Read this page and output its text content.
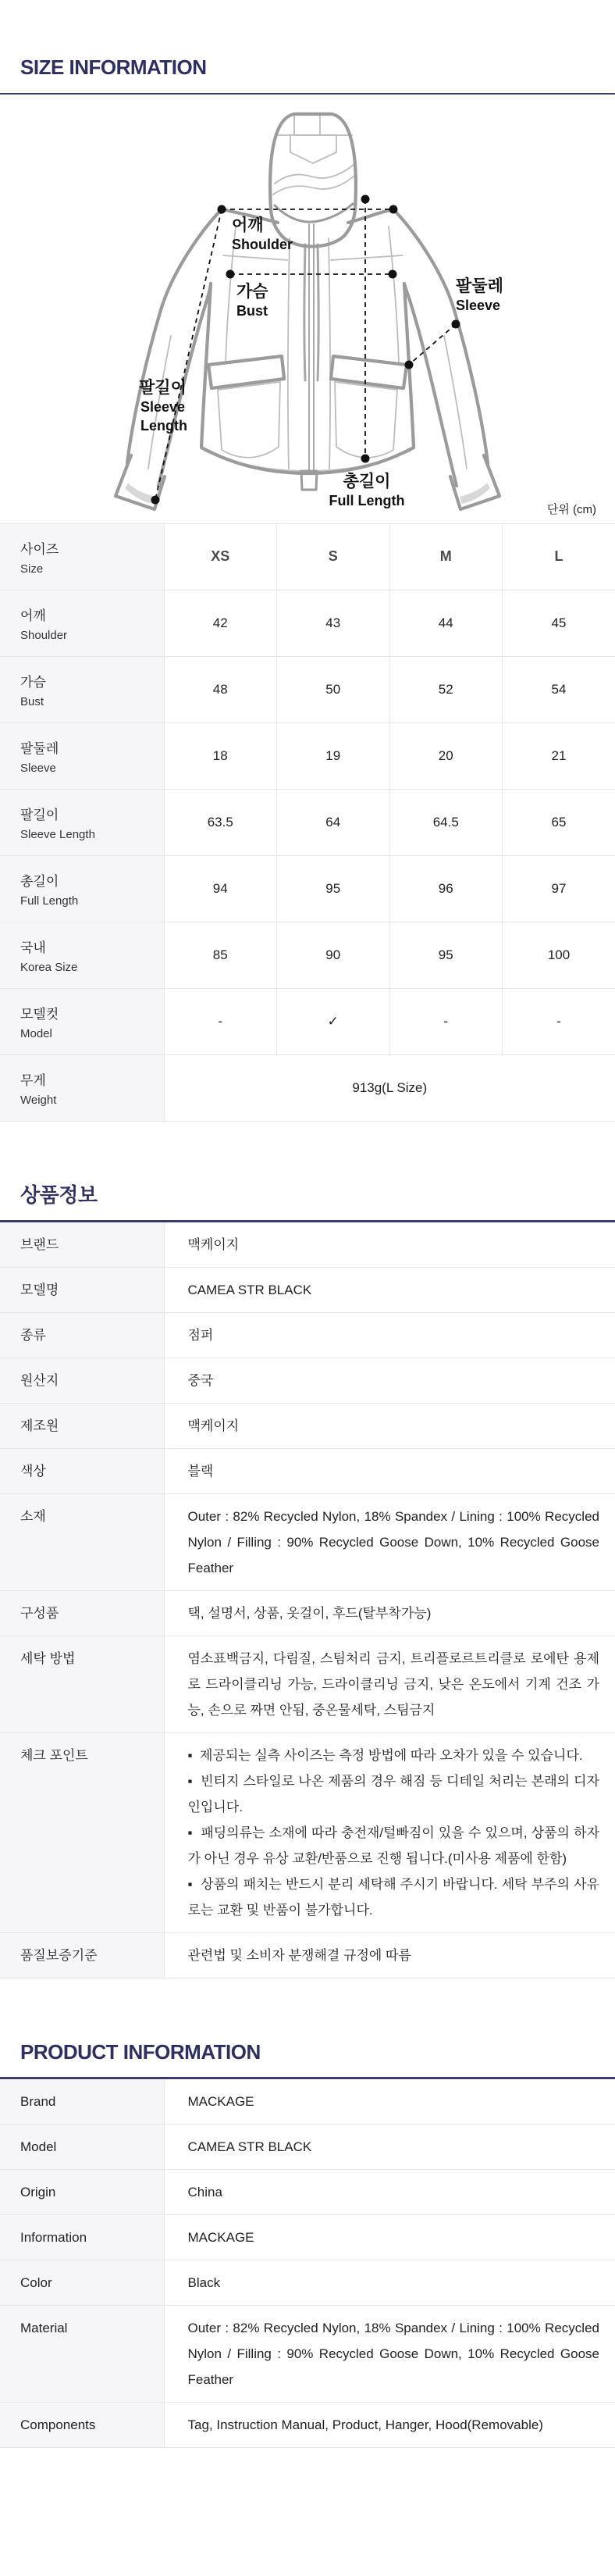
SIZE INFORMATION
어깨
Shoulder
가슴
Bust
팔둘레
Sleeve
팔길이
Sleeve
Length
총길이
Full Length
단위 (cm)
사이즈
Size	XS	S	M	L

어깨
Shoulder	42	43	44	45

가슴
Bust	48	50	52	54

팔둘레
Sleeve	18	19	20	21

팔길이
Sleeve Length	63.5	64	64.5	65

총길이
Full Length	94	95	96	97

국내
Korea Size	85	90	95	100

모델컷
Model	-	✓	-	-

무게
Weight	913g(L Size)			
상품정보
브랜드	맥케이지
모델명	CAMEA STR BLACK
종류	점퍼
원산지	중국
제조원	맥케이지
색상	블랙
소재	Outer : 82% Recycled Nylon, 18% Spandex / Lining : 100% Recycled Nylon / Filling : 90% Recycled Goose Down, 10% Recycled Goose Feather
구성품	택, 설명서, 상품, 옷걸이, 후드(탈부착가능)
세탁 방법	염소표백금지, 다림질, 스팀처리 금지, 트리플로르트리클로 로에탄 용제로 드라이클리닝 가능, 드라이클리닝 금지, 낮은 온도에서 기계 건조 가능, 손으로 짜면 안됨, 중온물세탁, 스팀금지
체크 포인트	▪  제공되는 실측 사이즈는 측정 방법에 따라 오차가 있을 수 있습니다.
▪  빈티지 스타일로 나온 제품의 경우 해짐 등 디테일 처리는 본래의 디자인입니다.
▪  패딩의류는 소재에 따라 충전재/털빠짐이 있을 수 있으며, 상품의 하자가 아닌 경우 유상 교환/반품으로 진행 됩니다.(미사용 제품에 한함)
▪  상품의 패치는 반드시 분리 세탁해 주시기 바랍니다. 세탁 부주의 사유로는 교환 및 반품이 불가합니다.

품질보증기준	관련법 및 소비자 분쟁해결 규정에 따름
PRODUCT INFORMATION
Brand	MACKAGE
Model	CAMEA STR BLACK
Origin	China
Information	MACKAGE
Color	Black
Material	Outer : 82% Recycled Nylon, 18% Spandex / Lining : 100% Recycled Nylon / Filling : 90% Recycled Goose Down, 10% Recycled Goose Feather
Components	Tag, Instruction Manual, Product, Hanger, Hood(Removable)
